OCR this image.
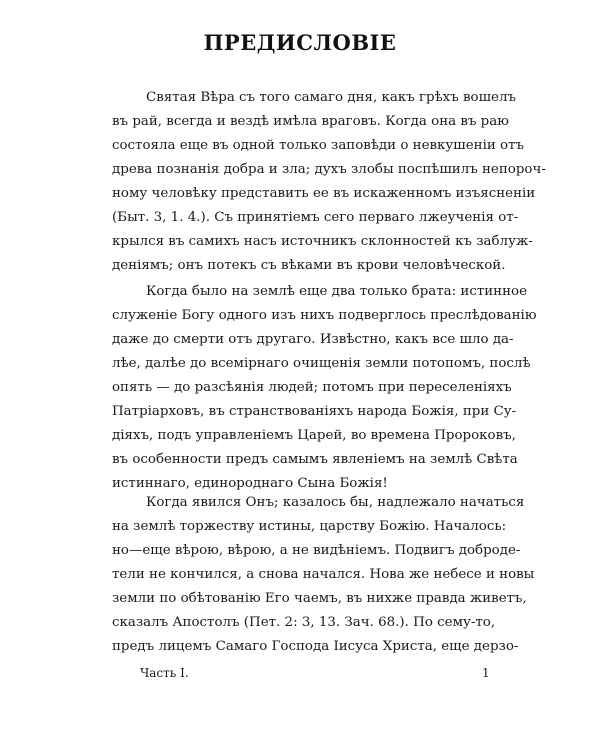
ПРЕДИСЛОВІЕ
Святая Вѣра съ того самаго дня, какъ грѣхъ вошелъ
въ рай, всегда и вездѣ имѣла враговъ. Когда она въ раю
состояла еще въ одной только заповѣди о невкушеніи отъ
древа познанія добра и зла; духъ злобы поспѣшилъ непороч-
ному человѣку представить ее въ искаженномъ изъясненіи
(Быт. 3, 1. 4.). Съ принятіемъ сего перваго лжеученія от-
крылся въ самихъ насъ источникъ склонностей къ заблуж-
деніямъ; онъ потекъ съ вѣками въ крови человѣческой.
Когда было на землѣ еще два только брата: истинное
служеніе Богу одного изъ нихъ подверглось преслѣдованію
даже до смерти отъ другаго. Извѣстно, какъ все шло да-
лѣе, далѣе до всемірнаго очищенія земли потопомъ, послѣ
опять — до разсѣянія людей; потомъ при переселеніяхъ
Патріарховъ, въ странствованіяхъ народа Божія, при Су-
діяхъ, подъ управленіемъ Царей, во времена Пророковъ,
въ особенности предъ самымъ явленіемъ на землѣ Свѣта
истиннаго, единороднаго Сына Божія!
Когда явился Онъ; казалось бы, надлежало начаться
на землѣ торжеству истины, царству Божію. Началось:
но—еще вѣрою, вѣрою, а не видѣніемъ. Подвигъ доброде-
тели не кончился, а снова начался. Нова же небесе и новы
земли по обѣтованію Его чаемъ, въ нихже правда живетъ,
сказалъ Апостолъ (Пет. 2: 3, 13. Зач. 68.). По сему-то,
предъ лицемъ Самаго Господа Іисуса Христа, еще дерзо-
Часть I.	1
